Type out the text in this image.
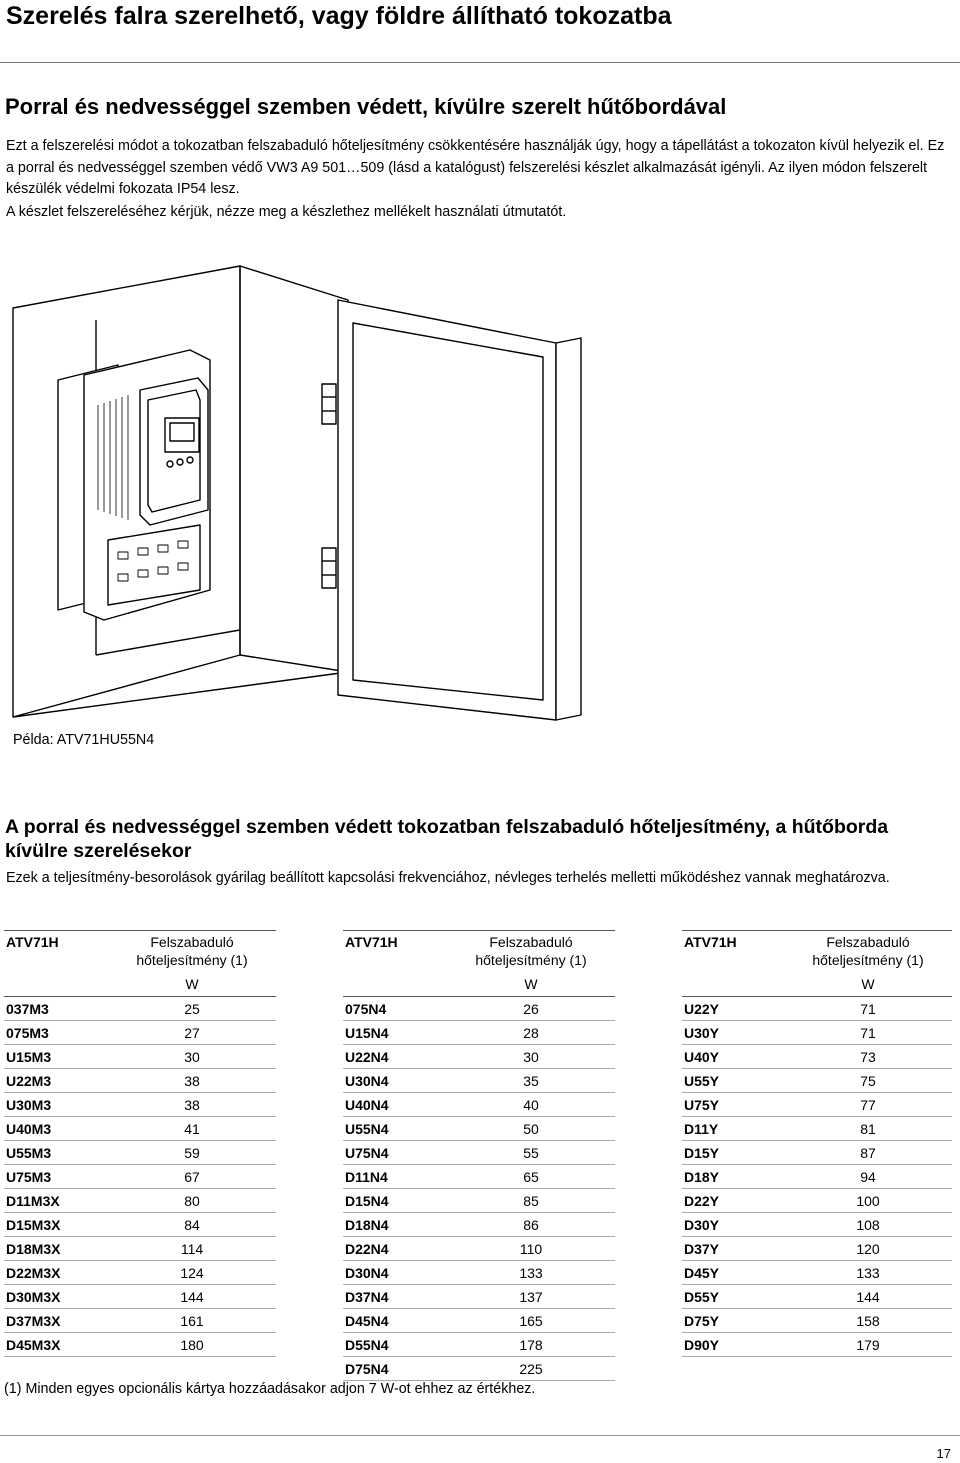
Szerelés falra szerelhető, vagy földre állítható tokozatba
Porral és nedvességgel szemben védett, kívülre szerelt hűtőbordával

Ezt a felszerelési módot a tokozatban felszabaduló hőteljesítmény csökkentésére használják úgy, hogy a tápellátást a tokozaton kívül helyezik el. Ez a porral és nedvességgel szemben védő VW3 A9 501…509 (lásd a katalógust) felszerelési készlet alkalmazását igényli. Az ilyen módon felszerelt készülék védelmi fokozata IP54 lesz.

A készlet felszereléséhez kérjük, nézze meg a készlethez mellékelt használati útmutatót.

Példa: ATV71HU55N4
A porral és nedvességgel szemben védett tokozatban felszabaduló hőteljesítmény, a hűtőborda kívülre szerelésekor

Ezek a teljesítmény-besorolások gyárilag beállított kapcsolási frekvenciához, névleges terhelés melletti működéshez vannak meghatározva.

ATV71H	Felszabaduló
hőteljesítmény (1)

	W
037M3	25
075M3	27
U15M3	30
U22M3	38
U30M3	38
U40M3	41
U55M3	59
U75M3	67
D11M3X	80
D15M3X	84
D18M3X	114
D22M3X	124
D30M3X	144
D37M3X	161
D45M3X	180
ATV71H	Felszabaduló
hőteljesítmény (1)

	W
075N4	26
U15N4	28
U22N4	30
U30N4	35
U40N4	40
U55N4	50
U75N4	55
D11N4	65
D15N4	85
D18N4	86
D22N4	110
D30N4	133
D37N4	137
D45N4	165
D55N4	178
D75N4	225
ATV71H	Felszabaduló
hőteljesítmény (1)

	W
U22Y	71
U30Y	71
U40Y	73
U55Y	75
U75Y	77
D11Y	81
D15Y	87
D18Y	94
D22Y	100
D30Y	108
D37Y	120
D45Y	133
D55Y	144
D75Y	158
D90Y	179
(1) Minden egyes opcionális kártya hozzáadásakor adjon 7 W-ot ehhez az értékhez.
17
